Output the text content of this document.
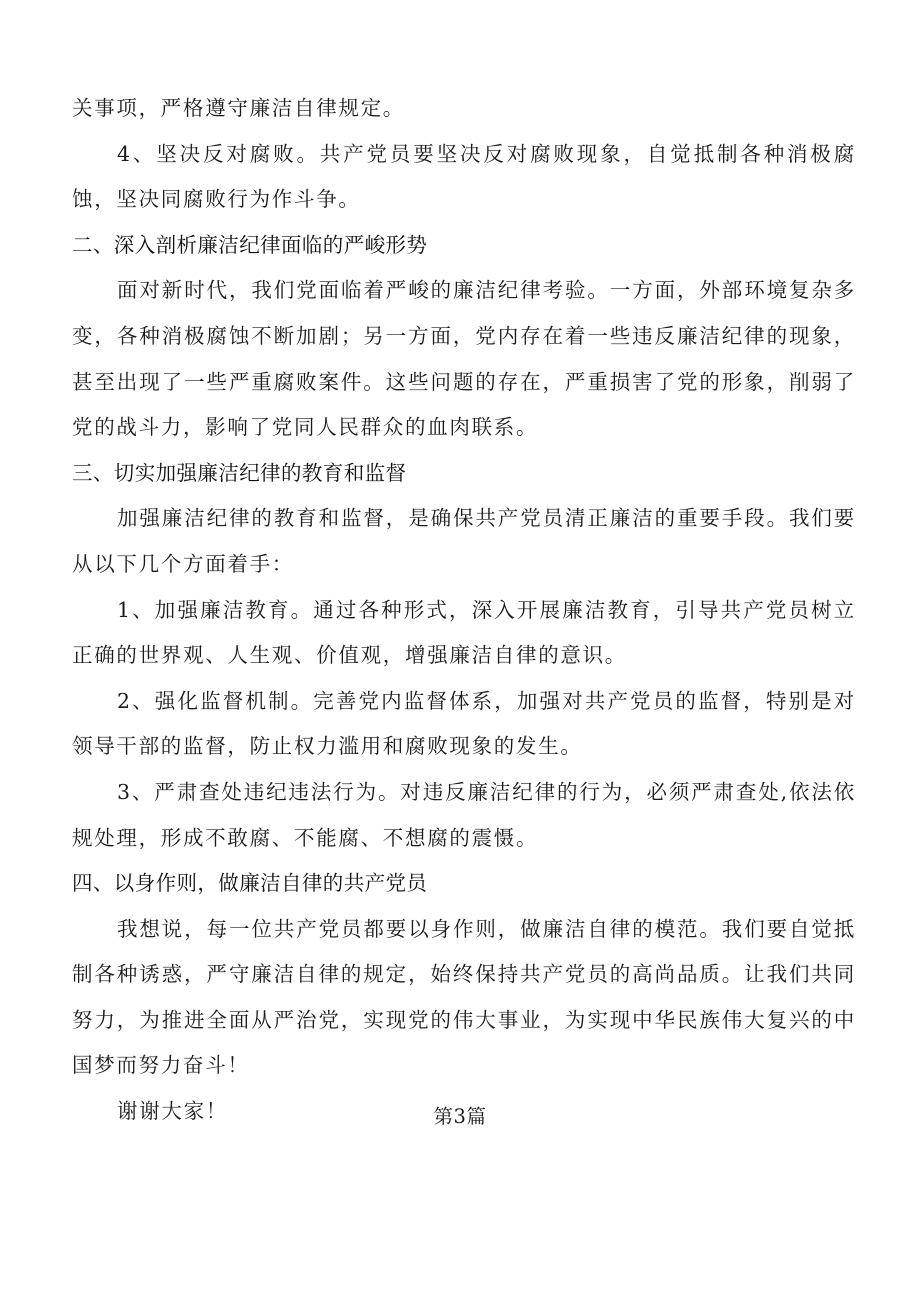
关事项，严格遵守廉洁自律规定。

4、坚决反对腐败。共产党员要坚决反对腐败现象，自觉抵制各种消极腐蚀，坚决同腐败行为作斗争。

二、深入剖析廉洁纪律面临的严峻形势

面对新时代，我们党面临着严峻的廉洁纪律考验。一方面，外部环境复杂多变，各种消极腐蚀不断加剧；另一方面，党内存在着一些违反廉洁纪律的现象，甚至出现了一些严重腐败案件。这些问题的存在，严重损害了党的形象，削弱了党的战斗力，影响了党同人民群众的血肉联系。

三、切实加强廉洁纪律的教育和监督

加强廉洁纪律的教育和监督，是确保共产党员清正廉洁的重要手段。我们要从以下几个方面着手：

1、加强廉洁教育。通过各种形式，深入开展廉洁教育，引导共产党员树立正确的世界观、人生观、价值观，增强廉洁自律的意识。

2、强化监督机制。完善党内监督体系，加强对共产党员的监督，特别是对领导干部的监督，防止权力滥用和腐败现象的发生。

3、严肃查处违纪违法行为。对违反廉洁纪律的行为，必须严肃查处,依法依规处理，形成不敢腐、不能腐、不想腐的震慑。

四、以身作则，做廉洁自律的共产党员

我想说，每一位共产党员都要以身作则，做廉洁自律的模范。我们要自觉抵制各种诱惑，严守廉洁自律的规定，始终保持共产党员的高尚品质。让我们共同努力，为推进全面从严治党，实现党的伟大事业，为实现中华民族伟大复兴的中国梦而努力奋斗！

谢谢大家！	第3篇
